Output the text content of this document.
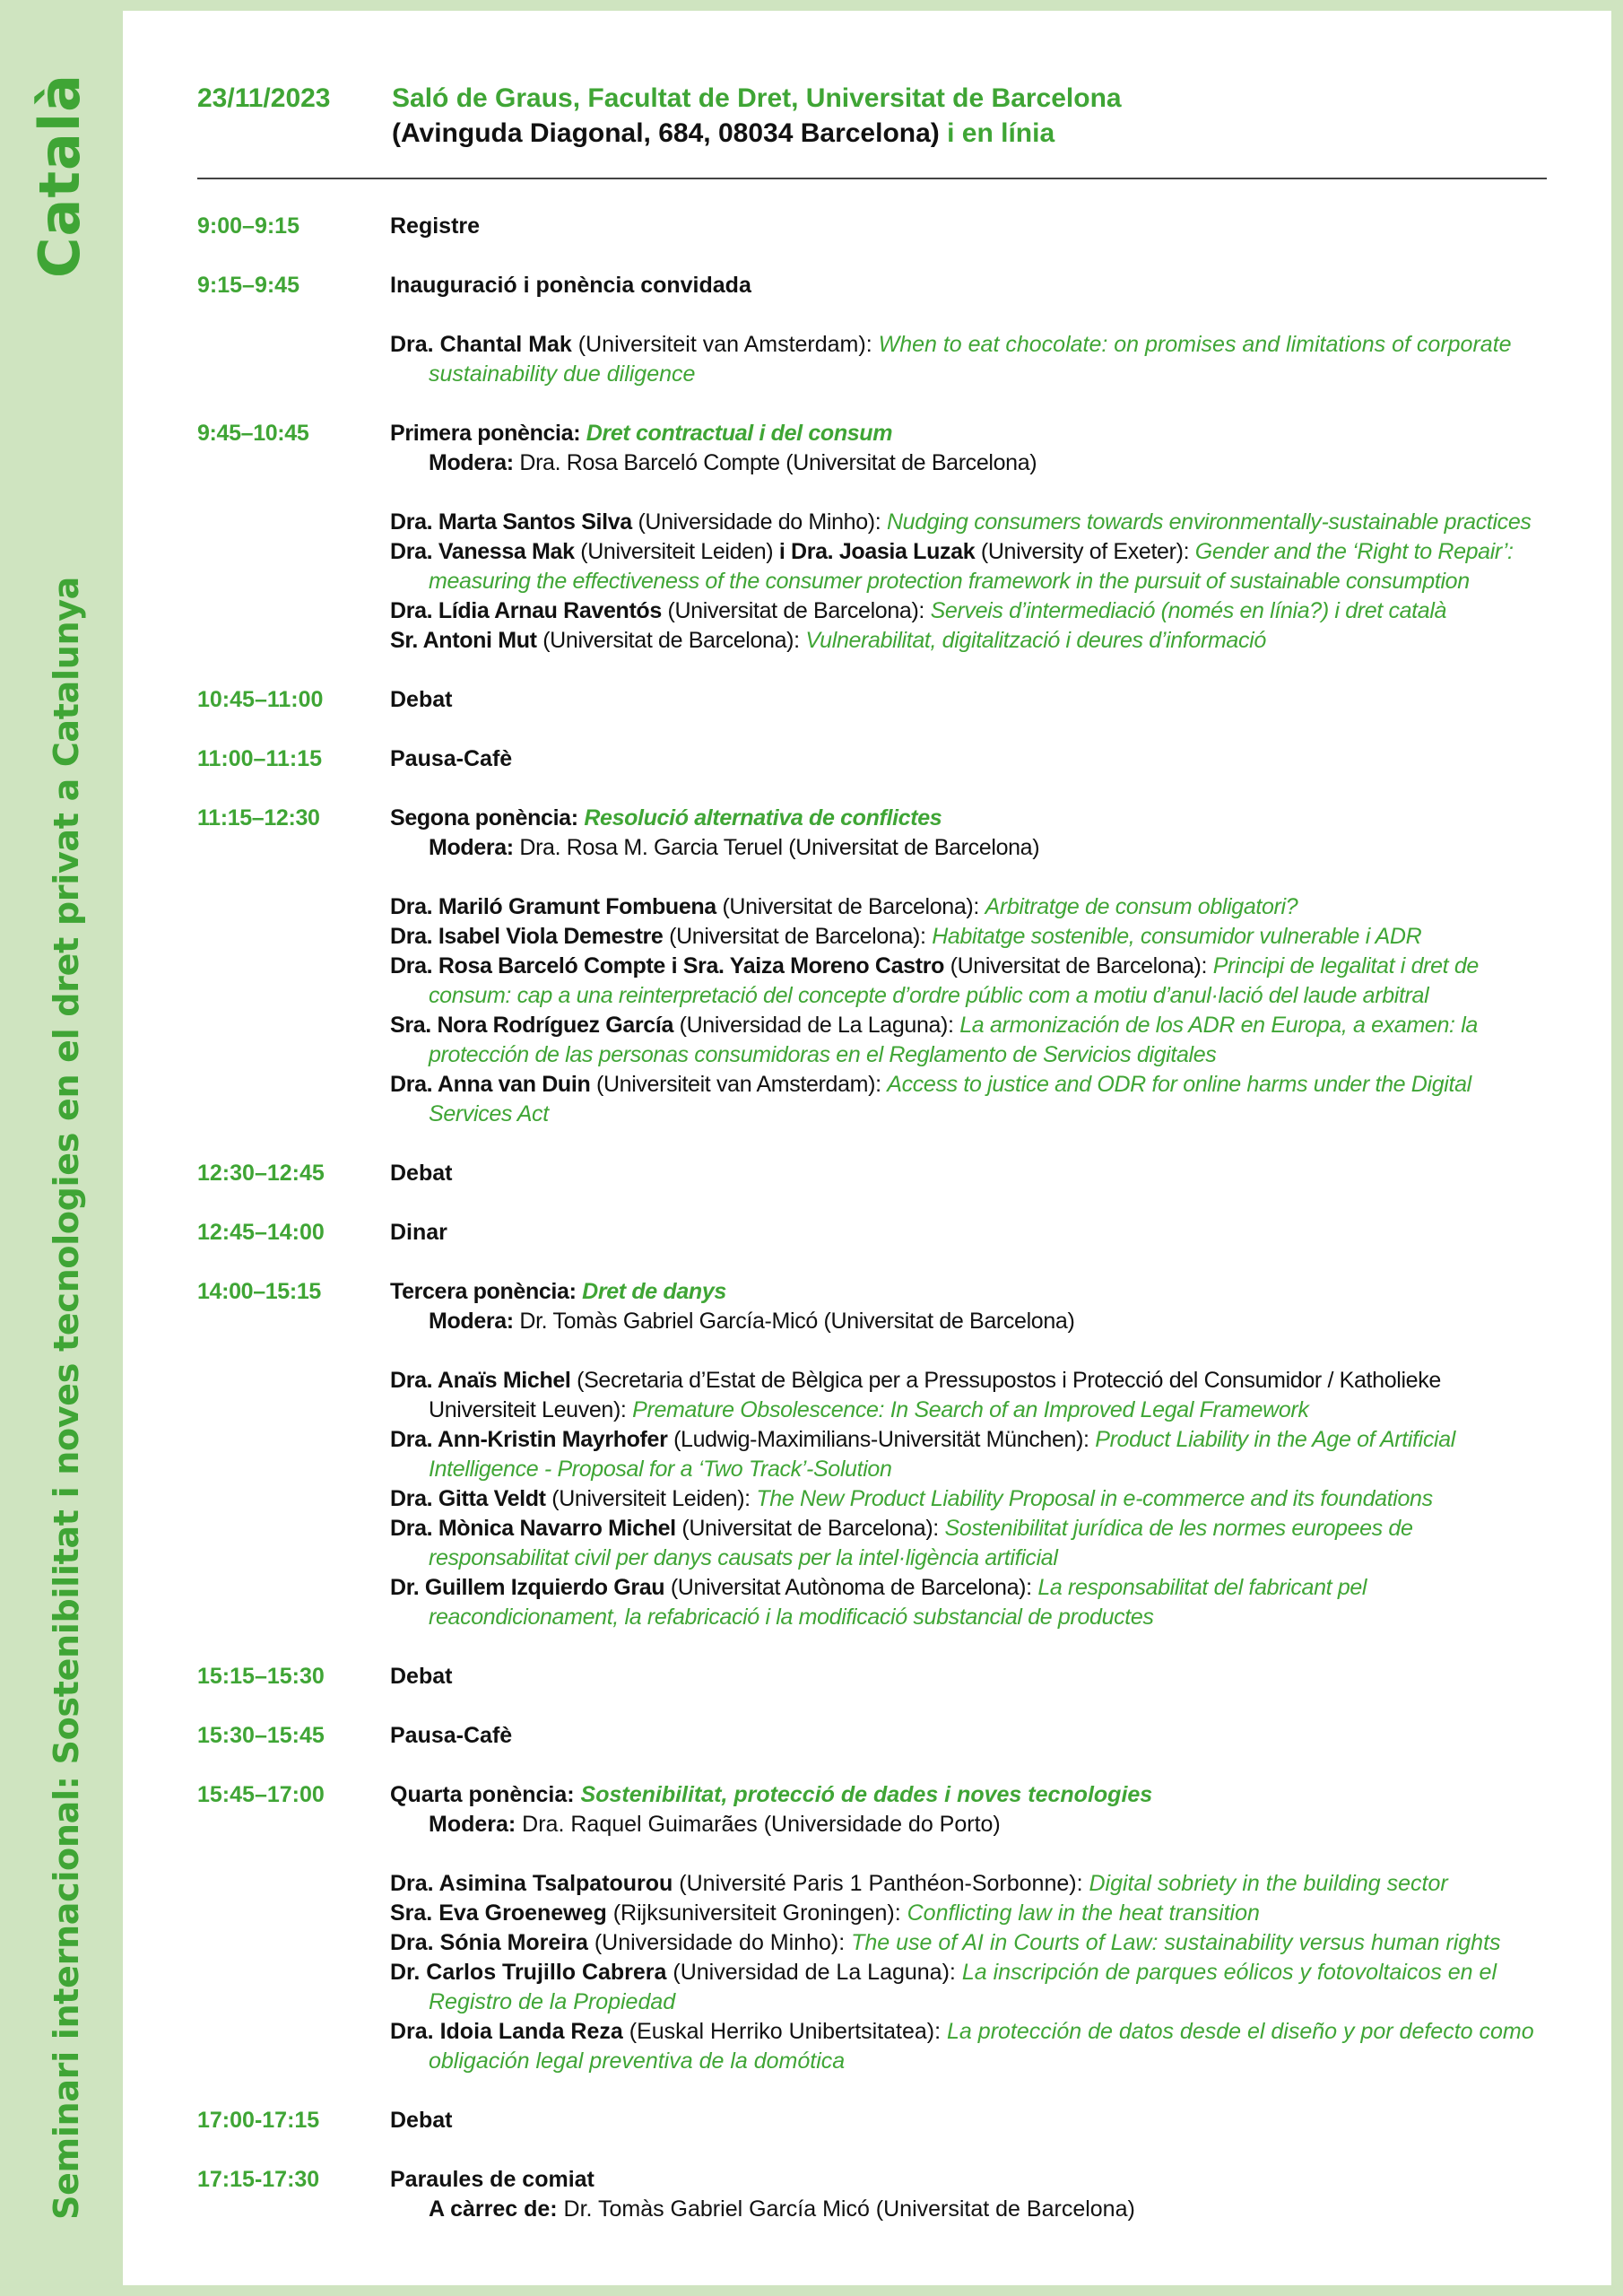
Català
Seminari internacional: Sostenibilitat i noves tecnologies en el dret privat a Catalunya
23/11/2023 Saló de Graus, Facultat de Dret, Universitat de Barcelona
(Avinguda Diagonal, 684, 08034 Barcelona) i en línia
9:00–9:15	Registre
9:15–9:45	Inauguració i ponència convidada
Dra. Chantal Mak (Universiteit van Amsterdam): When to eat chocolate: on promises and limitations of corporate sustainability due diligence
9:45–10:45	Primera ponència: Dret contractual i del consum
Modera: Dra. Rosa Barceló Compte (Universitat de Barcelona)
Dra. Marta Santos Silva (Universidade do Minho): Nudging consumers towards environmentally-sustainable practices
Dra. Vanessa Mak (Universiteit Leiden) i Dra. Joasia Luzak (University of Exeter): Gender and the ‘Right to Repair’: measuring the effectiveness of the consumer protection framework in the pursuit of sustainable consumption
Dra. Lídia Arnau Raventós (Universitat de Barcelona): Serveis d’intermediació (només en línia?) i dret català
Sr. Antoni Mut (Universitat de Barcelona): Vulnerabilitat, digitalització i deures d’informació
10:45–11:00	Debat
11:00–11:15	Pausa-Cafè
11:15–12:30	Segona ponència: Resolució alternativa de conflictes
Modera: Dra. Rosa M. Garcia Teruel (Universitat de Barcelona)
Dra. Mariló Gramunt Fombuena (Universitat de Barcelona): Arbitratge de consum obligatori?
Dra. Isabel Viola Demestre (Universitat de Barcelona): Habitatge sostenible, consumidor vulnerable i ADR
Dra. Rosa Barceló Compte i Sra. Yaiza Moreno Castro (Universitat de Barcelona): Principi de legalitat i dret de consum: cap a una reinterpretació del concepte d’ordre públic com a motiu d’anul·lació del laude arbitral
Sra. Nora Rodríguez García (Universidad de La Laguna): La armonización de los ADR en Europa, a examen: la protección de las personas consumidoras en el Reglamento de Servicios digitales
Dra. Anna van Duin (Universiteit van Amsterdam): Access to justice and ODR for online harms under the Digital Services Act
12:30–12:45	Debat
12:45–14:00	Dinar
14:00–15:15	Tercera ponència: Dret de danys
Modera: Dr. Tomàs Gabriel García-Micó (Universitat de Barcelona)
Dra. Anaïs Michel (Secretaria d’Estat de Bèlgica per a Pressupostos i Protecció del Consumidor / Katholieke Universiteit Leuven): Premature Obsolescence: In Search of an Improved Legal Framework
Dra. Ann-Kristin Mayrhofer (Ludwig-Maximilians-Universität München): Product Liability in the Age of Artificial Intelligence - Proposal for a ‘Two Track’-Solution
Dra. Gitta Veldt (Universiteit Leiden): The New Product Liability Proposal in e-commerce and its foundations
Dra. Mònica Navarro Michel (Universitat de Barcelona): Sostenibilitat jurídica de les normes europees de responsabilitat civil per danys causats per la intel·ligència artificial
Dr. Guillem Izquierdo Grau (Universitat Autònoma de Barcelona): La responsabilitat del fabricant pel reacondicionament, la refabricació i la modificació substancial de productes
15:15–15:30	Debat
15:30–15:45	Pausa-Cafè
15:45–17:00	Quarta ponència: Sostenibilitat, protecció de dades i noves tecnologies
Modera: Dra. Raquel Guimarães (Universidade do Porto)
Dra. Asimina Tsalpatourou (Université Paris 1 Panthéon-Sorbonne): Digital sobriety in the building sector
Sra. Eva Groeneweg (Rijksuniversiteit Groningen): Conflicting law in the heat transition
Dra. Sónia Moreira (Universidade do Minho): The use of AI in Courts of Law: sustainability versus human rights
Dr. Carlos Trujillo Cabrera (Universidad de La Laguna): La inscripción de parques eólicos y fotovoltaicos en el Registro de la Propiedad
Dra. Idoia Landa Reza (Euskal Herriko Unibertsitatea): La protección de datos desde el diseño y por defecto como obligación legal preventiva de la domótica
17:00-17:15	Debat
17:15-17:30	Paraules de comiat
A càrrec de: Dr. Tomàs Gabriel García Micó (Universitat de Barcelona)
